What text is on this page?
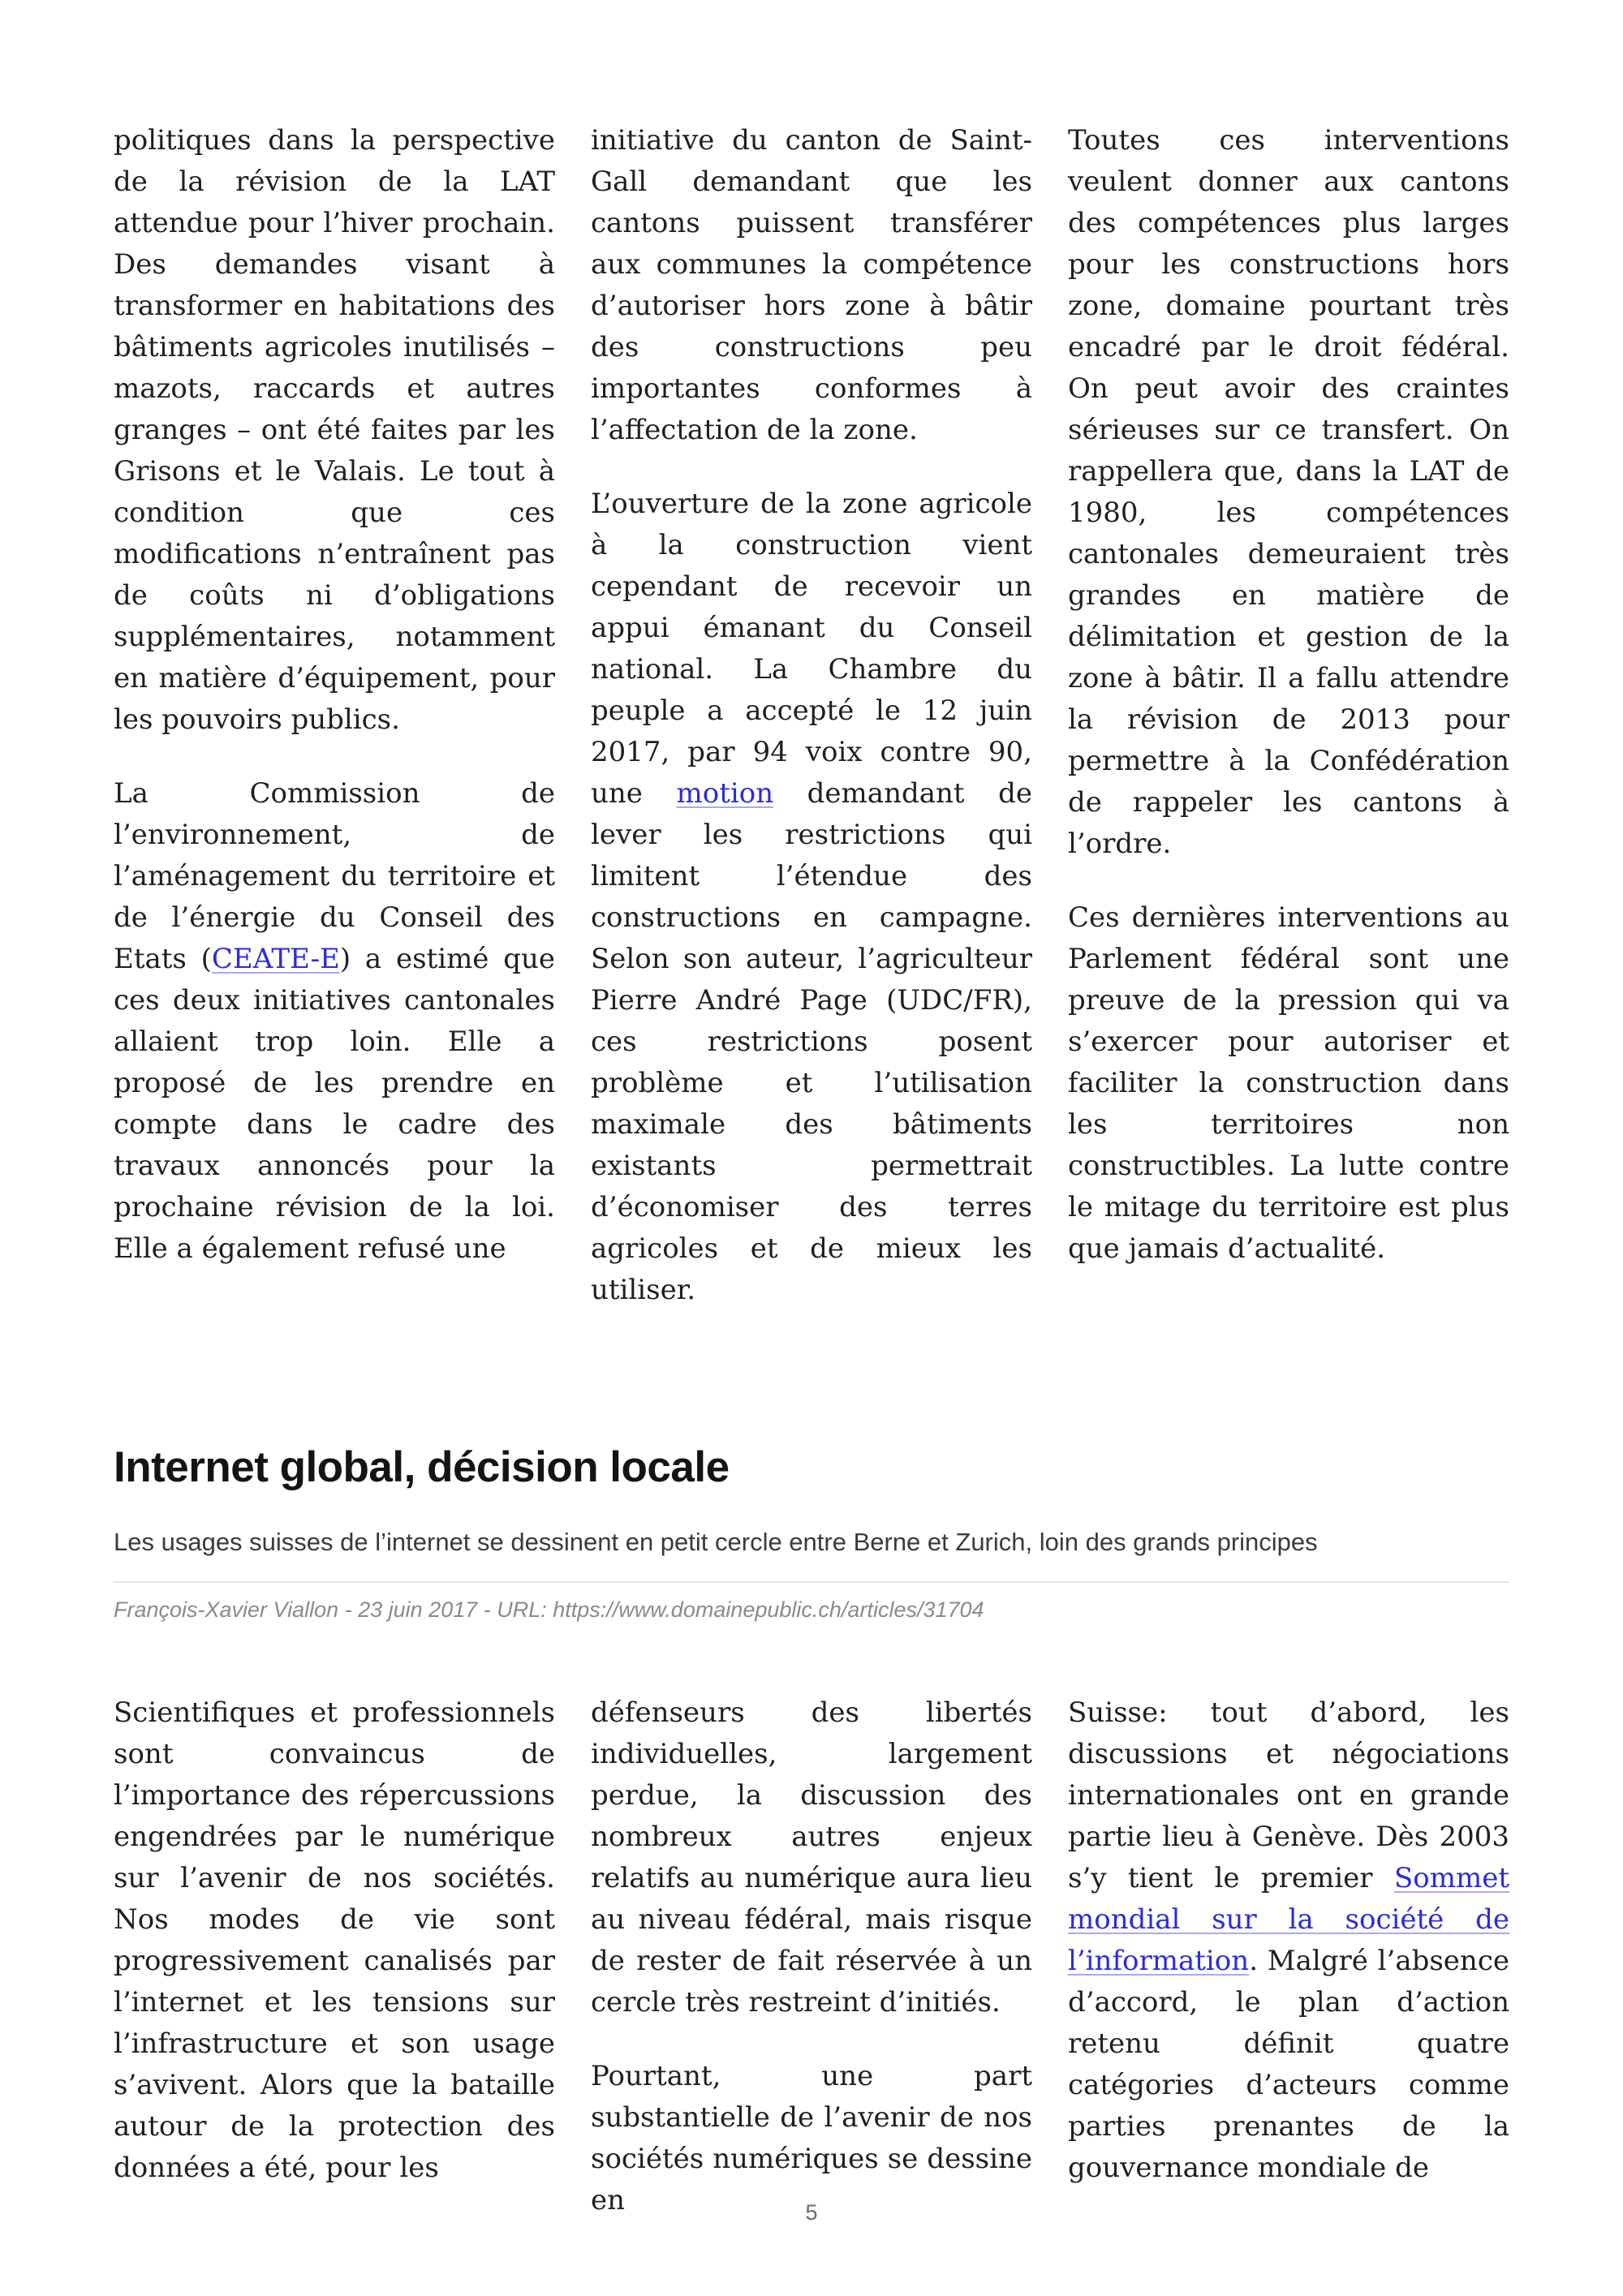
politiques dans la perspective de la révision de la LAT attendue pour l’hiver prochain. Des demandes visant à transformer en habitations des bâtiments agricoles inutilisés – mazots, raccards et autres granges – ont été faites par les Grisons et le Valais. Le tout à condition que ces modifications n’entraînent pas de coûts ni d’obligations supplémentaires, notamment en matière d’équipement, pour les pouvoirs publics.

La Commission de l’environnement, de l’aménagement du territoire et de l’énergie du Conseil des Etats (CEATE-E) a estimé que ces deux initiatives cantonales allaient trop loin. Elle a proposé de les prendre en compte dans le cadre des travaux annoncés pour la prochaine révision de la loi. Elle a également refusé une

initiative du canton de Saint-Gall demandant que les cantons puissent transférer aux communes la compétence d’autoriser hors zone à bâtir des constructions peu importantes conformes à l’affectation de la zone.

L’ouverture de la zone agricole à la construction vient cependant de recevoir un appui émanant du Conseil national. La Chambre du peuple a accepté le 12 juin 2017, par 94 voix contre 90, une motion demandant de lever les restrictions qui limitent l’étendue des constructions en campagne. Selon son auteur, l’agriculteur Pierre André Page (UDC/FR), ces restrictions posent problème et l’utilisation maximale des bâtiments existants permettrait d’économiser des terres agricoles et de mieux les utiliser.

Toutes ces interventions veulent donner aux cantons des compétences plus larges pour les constructions hors zone, domaine pourtant très encadré par le droit fédéral. On peut avoir des craintes sérieuses sur ce transfert. On rappellera que, dans la LAT de 1980, les compétences cantonales demeuraient très grandes en matière de délimitation et gestion de la zone à bâtir. Il a fallu attendre la révision de 2013 pour permettre à la Confédération de rappeler les cantons à l’ordre.

Ces dernières interventions au Parlement fédéral sont une preuve de la pression qui va s’exercer pour autoriser et faciliter la construction dans les territoires non constructibles. La lutte contre le mitage du territoire est plus que jamais d’actualité.

Internet global, décision locale

Les usages suisses de l’internet se dessinent en petit cercle entre Berne et Zurich, loin des grands principes

François-Xavier Viallon - 23 juin 2017 - URL: https://www.domainepublic.ch/articles/31704

Scientifiques et professionnels sont convaincus de l’importance des répercussions engendrées par le numérique sur l’avenir de nos sociétés. Nos modes de vie sont progressivement canalisés par l’internet et les tensions sur l’infrastructure et son usage s’avivent. Alors que la bataille autour de la protection des données a été, pour les

défenseurs des libertés individuelles, largement perdue, la discussion des nombreux autres enjeux relatifs au numérique aura lieu au niveau fédéral, mais risque de rester de fait réservée à un cercle très restreint d’initiés.

Pourtant, une part substantielle de l’avenir de nos sociétés numériques se dessine en

Suisse: tout d’abord, les discussions et négociations internationales ont en grande partie lieu à Genève. Dès 2003 s’y tient le premier Sommet mondial sur la société de l’information. Malgré l’absence d’accord, le plan d’action retenu définit quatre catégories d’acteurs comme parties prenantes de la gouvernance mondiale de

5
